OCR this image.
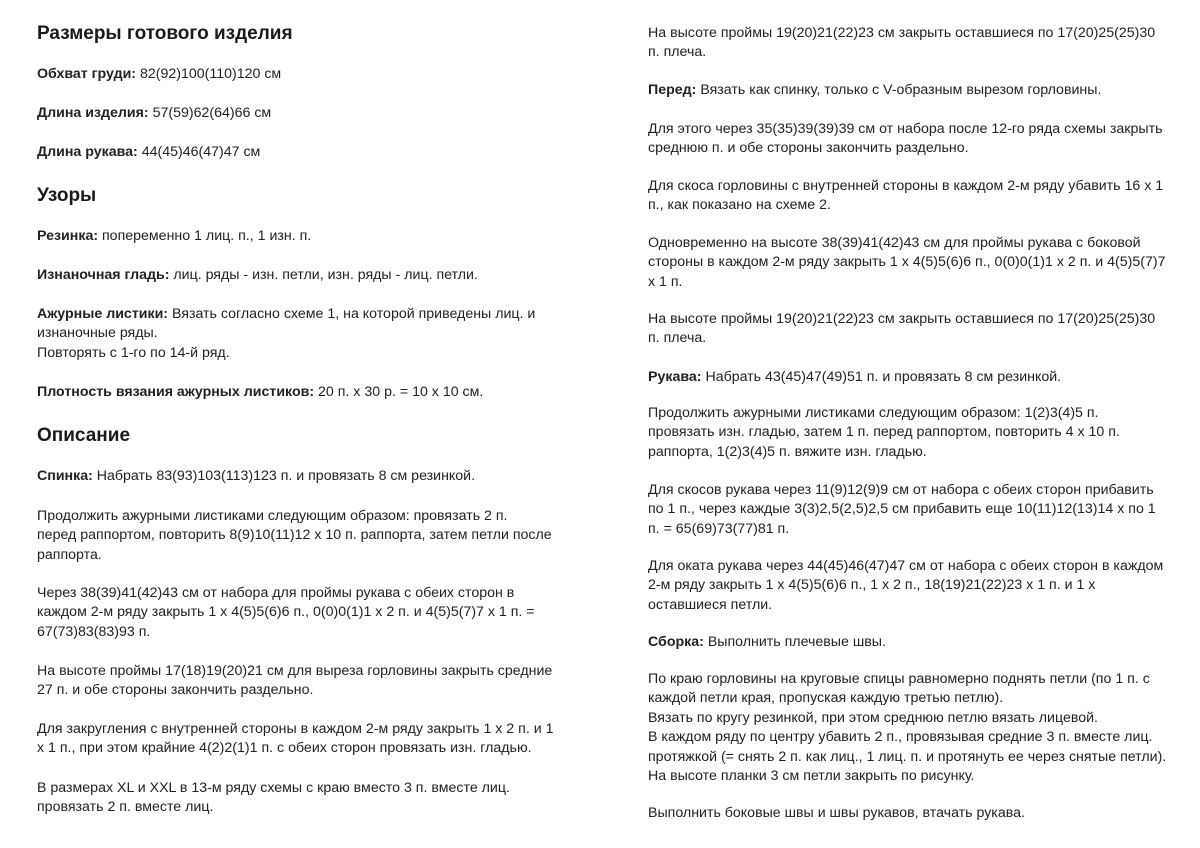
Размеры готового изделия

Обхват груди: 82(92)100(110)120 см

Длина изделия: 57(59)62(64)66 см

Длина рукава: 44(45)46(47)47 см

Узоры

Резинка: попеременно 1 лиц. п., 1 изн. п.

Изнаночная гладь: лиц. ряды - изн. петли, изн. ряды - лиц. петли.

Ажурные листики: Вязать согласно схеме 1, на которой приведены лиц. и
изнаночные ряды.
Повторять с 1-го по 14-й ряд.

Плотность вязания ажурных листиков: 20 п. х 30 р. = 10 х 10 см.

Описание

Спинка: Набрать 83(93)103(113)123 п. и провязать 8 см резинкой.

Продолжить ажурными листиками следующим образом: провязать 2 п.
перед раппортом, повторить 8(9)10(11)12 х 10 п. раппорта, затем петли после
раппорта.

Через 38(39)41(42)43 см от набора для проймы рукава с обеих сторон в
каждом 2-м ряду закрыть 1 х 4(5)5(6)6 п., 0(0)0(1)1 х 2 п. и 4(5)5(7)7 х 1 п. =
67(73)83(83)93 п.

На высоте проймы 17(18)19(20)21 см для выреза горловины закрыть средние
27 п. и обе стороны закончить раздельно.

Для закругления с внутренней стороны в каждом 2-м ряду закрыть 1 х 2 п. и 1
х 1 п., при этом крайние 4(2)2(1)1 п. с обеих сторон провязать изн. гладью.

В размерах XL и XXL в 13-м ряду схемы с краю вместо 3 п. вместе лиц.
провязать 2 п. вместе лиц.

На высоте проймы 19(20)21(22)23 см закрыть оставшиеся по 17(20)25(25)30
п. плеча.

Перед: Вязать как спинку, только с V-образным вырезом горловины.

Для этого через 35(35)39(39)39 см от набора после 12-го ряда схемы закрыть
среднюю п. и обе стороны закончить раздельно.

Для скоса горловины с внутренней стороны в каждом 2-м ряду убавить 16 х 1
п., как показано на схеме 2.

Одновременно на высоте 38(39)41(42)43 см для проймы рукава с боковой
стороны в каждом 2-м ряду закрыть 1 х 4(5)5(6)6 п., 0(0)0(1)1 х 2 п. и 4(5)5(7)7
х 1 п.

На высоте проймы 19(20)21(22)23 см закрыть оставшиеся по 17(20)25(25)30
п. плеча.

Рукава: Набрать 43(45)47(49)51 п. и провязать 8 см резинкой.

Продолжить ажурными листиками следующим образом: 1(2)3(4)5 п.
провязать изн. гладью, затем 1 п. перед раппортом, повторить 4 х 10 п.
раппорта, 1(2)3(4)5 п. вяжите изн. гладью.

Для скосов рукава через 11(9)12(9)9 см от набора с обеих сторон прибавить
по 1 п., через каждые 3(3)2,5(2,5)2,5 см прибавить еще 10(11)12(13)14 х по 1
п. = 65(69)73(77)81 п.

Для оката рукава через 44(45)46(47)47 см от набора с обеих сторон в каждом
2-м ряду закрыть 1 х 4(5)5(6)6 п., 1 х 2 п., 18(19)21(22)23 х 1 п. и 1 х
оставшиеся петли.

Сборка: Выполнить плечевые швы.

По краю горловины на круговые спицы равномерно поднять петли (по 1 п. с
каждой петли края, пропуская каждую третью петлю).
Вязать по кругу резинкой, при этом среднюю петлю вязать лицевой.
В каждом ряду по центру убавить 2 п., провязывая средние 3 п. вместе лиц.
протяжкой (= снять 2 п. как лиц., 1 лиц. п. и протянуть ее через снятые петли).
На высоте планки 3 см петли закрыть по рисунку.

Выполнить боковые швы и швы рукавов, втачать рукава.
